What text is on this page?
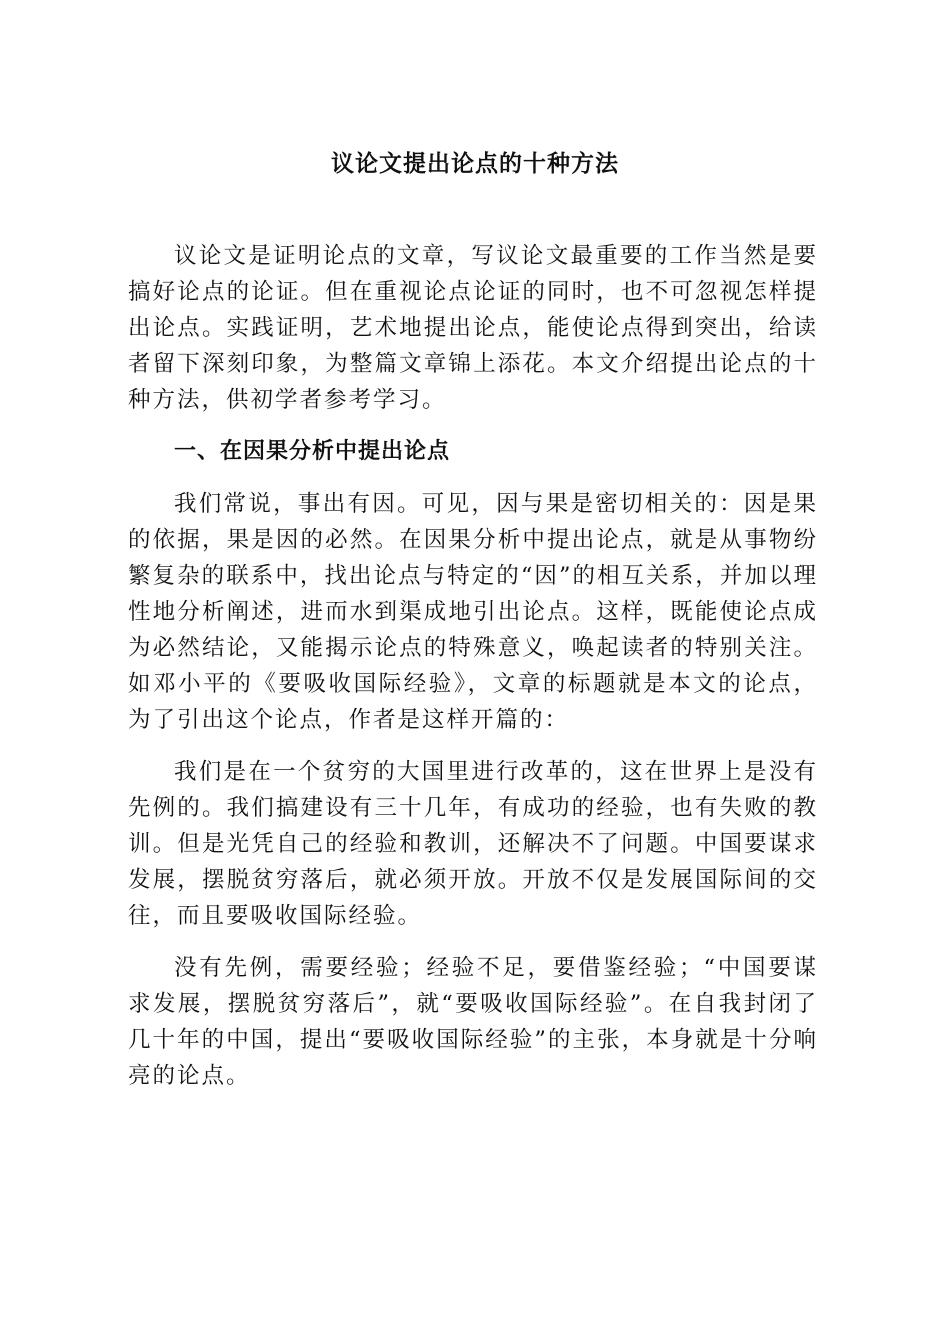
议论文提出论点的十种方法

议论文是证明论点的文章，写议论文最重要的工作当然是要搞好论点的论证。但在重视论点论证的同时，也不可忽视怎样提出论点。实践证明，艺术地提出论点，能使论点得到突出，给读者留下深刻印象，为整篇文章锦上添花。本文介绍提出论点的十种方法，供初学者参考学习。

一、在因果分析中提出论点

我们常说，事出有因。可见，因与果是密切相关的：因是果的依据，果是因的必然。在因果分析中提出论点，就是从事物纷繁复杂的联系中，找出论点与特定的“因”的相互关系，并加以理性地分析阐述，进而水到渠成地引出论点。这样，既能使论点成为必然结论，又能揭示论点的特殊意义，唤起读者的特别关注。如邓小平的《要吸收国际经验》，文章的标题就是本文的论点，为了引出这个论点，作者是这样开篇的：

我们是在一个贫穷的大国里进行改革的，这在世界上是没有先例的。我们搞建设有三十几年，有成功的经验，也有失败的教训。但是光凭自己的经验和教训，还解决不了问题。中国要谋求发展，摆脱贫穷落后，就必须开放。开放不仅是发展国际间的交往，而且要吸收国际经验。

没有先例，需要经验；经验不足，要借鉴经验；“中国要谋求发展，摆脱贫穷落后”，就“要吸收国际经验”。在自我封闭了几十年的中国，提出“要吸收国际经验”的主张，本身就是十分响亮的论点。
